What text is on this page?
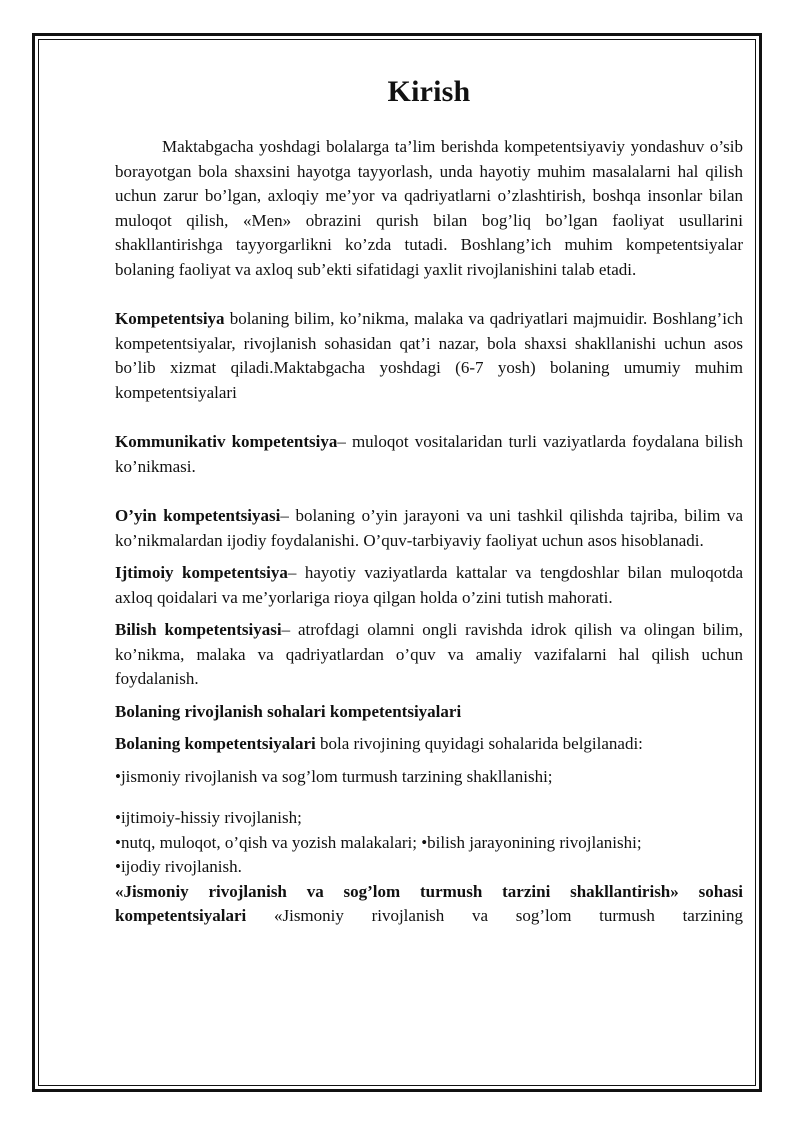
Kirish

Maktabgacha yoshdagi bolalarga ta’lim berishda kompetentsiyaviy yondashuv o’sib borayotgan bola shaxsini hayotga tayyorlash, unda hayotiy muhim masalalarni hal qilish uchun zarur bo’lgan, axloqiy me’yor va qadriyatlarni o’zlashtirish, boshqa insonlar bilan muloqot qilish, «Men» obrazini qurish bilan bog’liq bo’lgan faoliyat usullarini shakllantirishga tayyorgarlikni ko’zda tutadi. Boshlang’ich muhim kompetentsiyalar bolaning faoliyat va axloq sub’ekti sifatidagi yaxlit rivojlanishini talab etadi.

Kompetentsiya bolaning bilim, ko’nikma, malaka va qadriyatlari majmuidir. Boshlang’ich kompetentsiyalar, rivojlanish sohasidan qat’i nazar, bola shaxsi shakllanishi uchun asos bo’lib xizmat qiladi.Maktabgacha yoshdagi (6-7 yosh) bolaning umumiy muhim kompetentsiyalari

Kommunikativ kompetentsiya– muloqot vositalaridan turli vaziyatlarda foydalana bilish ko’nikmasi.

O’yin kompetentsiyasi– bolaning o’yin jarayoni va uni tashkil qilishda tajriba, bilim va ko’nikmalardan ijodiy foydalanishi. O’quv-tarbiyaviy faoliyat uchun asos hisoblanadi.

Ijtimoiy kompetentsiya– hayotiy vaziyatlarda kattalar va tengdoshlar bilan muloqotda axloq qoidalari va me’yorlariga rioya qilgan holda o’zini tutish mahorati.

Bilish kompetentsiyasi– atrofdagi olamni ongli ravishda idrok qilish va olingan bilim, ko’nikma, malaka va qadriyatlardan o’quv va amaliy vazifalarni hal qilish uchun foydalanish.

Bolaning rivojlanish sohalari kompetentsiyalari

Bolaning kompetentsiyalari bola rivojining quyidagi sohalarida belgilanadi:

•jismoniy rivojlanish va sog’lom turmush tarzining shakllanishi;

•ijtimoiy-hissiy rivojlanish;

•nutq, muloqot, o’qish va yozish malakalari; •bilish jarayonining rivojlanishi;

•ijodiy rivojlanish.

«Jismoniy rivojlanish va sog’lom turmush tarzini shakllantirish» sohasi kompetentsiyalari «Jismoniy rivojlanish va sog’lom turmush tarzining
